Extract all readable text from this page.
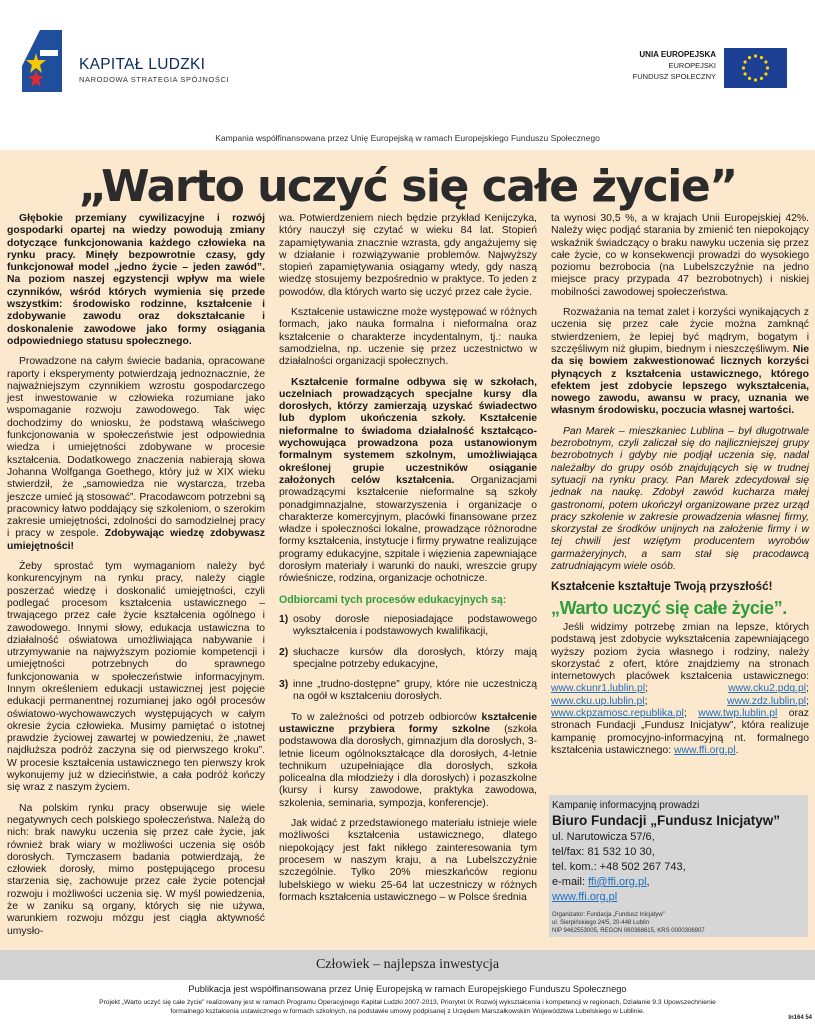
KAPITAŁ LUDZKI
NARODOWA STRATEGIA SPÓJNOŚCI
UNIA EUROPEJSKA
EUROPEJSKI
FUNDUSZ SPOŁECZNY
Kampania współfinansowana przez Unię Europejską w ramach Europejskiego Funduszu Społecznego
„Warto uczyć się całe życie”

Głębokie przemiany cywilizacyjne i rozwój gospodarki opartej na wiedzy powodują zmiany dotyczące funkcjonowania każdego człowieka na rynku pracy. Minęły bezpowrotnie czasy, gdy funkcjonował model „jedno życie – jeden zawód”. Na poziom naszej egzystencji wpływ ma wiele czynników, wśród których wymienia się przede wszystkim: środowisko rodzinne, kształcenie i zdobywanie zawodu oraz dokształcanie i doskonalenie zawodowe jako formy osiągania odpowiedniego statusu społecznego.

Prowadzone na całym świecie badania, opracowane raporty i eksperymenty potwierdzają jednoznacznie, że najważniejszym czynnikiem wzrostu gospodarczego jest inwestowanie w człowieka rozumiane jako wspomaganie rozwoju zawodowego. Tak więc dochodzimy do wniosku, że podstawą właściwego funkcjonowania w społeczeństwie jest odpowiednia wiedza i umiejętności zdobywane w procesie kształcenia. Dodatkowego znaczenia nabierają słowa Johanna Wolfganga Goethego, który już w XIX wieku stwierdził, że „samowiedza nie wystarcza, trzeba jeszcze umieć ją stosować”. Pracodawcom potrzebni są pracownicy łatwo poddający się szkoleniom, o szerokim zakresie umiejętności, zdolności do samodzielnej pracy i pracy w zespole. Zdobywając wiedzę zdobywasz umiejętności!

Żeby sprostać tym wymaganiom należy być konkurencyjnym na rynku pracy, należy ciągle poszerzać wiedzę i doskonalić umiejętności, czyli podlegać procesom kształcenia ustawicznego – trwającego przez całe życie kształcenia ogólnego i zawodowego. Innymi słowy, edukacja ustawiczna to działalność oświatowa umożliwiająca nabywanie i utrzymywanie na najwyższym poziomie kompetencji i umiejętności potrzebnych do sprawnego funkcjonowania w społeczeństwie informacyjnym. Innym określeniem edukacji ustawicznej jest pojęcie edukacji permanentnej rozumianej jako ogół procesów oświatowo-wychowawczych występujących w całym okresie życia człowieka. Musimy pamiętać o istotnej prawdzie życiowej zawartej w powiedzeniu, że „nawet najdłuższa podróż zaczyna się od pierwszego kroku”. W procesie kształcenia ustawicznego ten pierwszy krok wykonujemy już w dzieciństwie, a cała podróż kończy się wraz z naszym życiem.

Na polskim rynku pracy obserwuje się wiele negatywnych cech polskiego społeczeństwa. Należą do nich: brak nawyku uczenia się przez całe życie, jak również brak wiary w możliwości uczenia się osób dorosłych. Tymczasem badania potwierdzają, że człowiek dorosły, mimo postępującego procesu starzenia się, zachowuje przez całe życie potencjał rozwoju i możliwości uczenia się. W myśl powiedzenia, że w zaniku są organy, których się nie używa, warunkiem rozwoju mózgu jest ciągła aktywność umysło-

wa. Potwierdzeniem niech będzie przykład Kenijczyka, który nauczył się czytać w wieku 84 lat. Stopień zapamiętywania znacznie wzrasta, gdy angażujemy się w działanie i rozwiązywanie problemów. Najwyższy stopień zapamiętywania osiągamy wtedy, gdy naszą wiedzę stosujemy bezpośrednio w praktyce. To jeden z powodów, dla których warto się uczyć przez całe życie.

Kształcenie ustawiczne może występować w różnych formach, jako nauka formalna i nieformalna oraz kształcenie o charakterze incydentalnym, tj.: nauka samodzielna, np. uczenie się przez uczestnictwo w działalności organizacji społecznych.

Kształcenie formalne odbywa się w szkołach, uczelniach prowadzących specjalne kursy dla dorosłych, którzy zamierzają uzyskać świadectwo lub dyplom ukończenia szkoły. Kształcenie nieformalne to świadoma działalność kształcąco-wychowująca prowadzona poza ustanowionym formalnym systemem szkolnym, umożliwiająca określonej grupie uczestników osiąganie założonych celów kształcenia. Organizacjami prowadzącymi kształcenie nieformalne są szkoły ponadgimnazjalne, stowarzyszenia i organizacje o charakterze komercyjnym, placówki finansowane przez władze i społeczności lokalne, prowadzące różnorodne formy kształcenia, instytucje i firmy prywatne realizujące programy edukacyjne, szpitale i więzienia zapewniające dorosłym materiały i warunki do nauki, wreszcie grupy rówieśnicze, rodzina, organizacje ochotnicze.

Odbiorcami tych procesów edukacyjnych są:

1) osoby dorosłe nieposiadające podstawowego wykształcenia i podstawowych kwalifikacji,
2) słuchacze kursów dla dorosłych, którzy mają specjalne potrzeby edukacyjne,
3) inne „trudno-dostępne” grupy, które nie uczestniczą na ogół w kształceniu dorosłych.

To w zależności od potrzeb odbiorców kształcenie ustawiczne przybiera formy szkolne (szkoła podstawowa dla dorosłych, gimnazjum dla dorosłych, 3-letnie liceum ogólnokształcące dla dorosłych, 4-letnie technikum uzupełniające dla dorosłych, szkoła policealna dla młodzieży i dla dorosłych) i pozaszkolne (kursy i kursy zawodowe, praktyka zawodowa, szkolenia, seminaria, sympozja, konferencje).

Jak widać z przedstawionego materiału istnieje wiele możliwości kształcenia ustawicznego, dlatego niepokojący jest fakt nikłego zainteresowania tym procesem w naszym kraju, a na Lubelszczyźnie szczególnie. Tylko 20% mieszkańców regionu lubelskiego w wieku 25-64 lat uczestniczy w różnych formach kształcenia ustawicznego – w Polsce średnia

ta wynosi 30,5 %, a w krajach Unii Europejskiej 42%. Należy więc podjąć starania by zmienić ten niepokojący wskaźnik świadczący o braku nawyku uczenia się przez całe życie, co w konsekwencji prowadzi do wysokiego poziomu bezrobocia (na Lubelszczyźnie na jedno miejsce pracy przypada 47 bezrobotnych) i niskiej mobilności zawodowej społeczeństwa.

Rozważania na temat zalet i korzyści wynikających z uczenia się przez całe życie można zamknąć stwierdzeniem, że lepiej być mądrym, bogatym i szczęśliwym niż głupim, biednym i nieszczęśliwym. Nie da się bowiem zakwestionować licznych korzyści płynących z kształcenia ustawicznego, którego efektem jest zdobycie lepszego wykształcenia, nowego zawodu, awansu w pracy, uznania we własnym środowisku, poczucia własnej wartości.

Pan Marek – mieszkaniec Lublina – był długotrwale bezrobotnym, czyli zaliczał się do najliczniejszej grupy bezrobotnych i gdyby nie podjął uczenia się, nadal należałby do grupy osób znajdujących się w trudnej sytuacji na rynku pracy. Pan Marek zdecydował się jednak na naukę. Zdobył zawód kucharza małej gastronomi, potem ukończył organizowane przez urząd pracy szkolenie w zakresie prowadzenia własnej firmy, skorzystał ze środków unijnych na założenie firmy i w tej chwili jest wziętym producentem wyrobów garmażeryjnych, a sam stał się pracodawcą zatrudniającym wiele osób.

Kształcenie kształtuje Twoją przyszłość!

„Warto uczyć się całe życie”.

Jeśli widzimy potrzebę zmian na lepsze, których podstawą jest zdobycie wykształcenia zapewniającego wyższy poziom życia własnego i rodziny, należy skorzystać z ofert, które znajdziemy na stronach internetowych placówek kształcenia ustawicznego: www.ckunr1.lublin.pl; www.cku2.pdg.pl; www.cku.up.lublin.pl; www.zdz.lublin.pl; www.ckpzamosc.republika.pl; www.twp.lublin.pl oraz stronach Fundacji „Fundusz Inicjatyw”, która realizuje kampanię promocyjno-informacyjną nt. formalnego kształcenia ustawicznego: www.ffi.org.pl.

Kampanię informacyjną prowadzi
Biuro Fundacji „Fundusz Inicjatyw”
ul. Narutowicza 57/6,
tel/fax: 81 532 10 30,
tel. kom.: +48 502 267 743,
e-mail: ffi@ffi.org.pl,
www.ffi.org.pl
Organizator: Fundacja „Fundusz Inicjatyw”
ul. Sierpińskiego 24/5, 20-448 Lublin
NIP 9462553005, REGON 060368615, KRS 0000306907
Człowiek – najlepsza inwestycja
Publikacja jest współfinansowana przez Unię Europejską w ramach Europejskiego Funduszu Społecznego
Projekt „Warto uczyć się całe życie” realizowany jest w ramach Programu Operacyjnego Kapitał Ludzki 2007-2013, Priorytet IX Rozwój wykształcenia i kompetencji w regionach, Działanie 9.3 Upowszechnienie formalnego kształcenia ustawicznego w formach szkolnych, na podstawie umowy podpisanej z Urzędem Marszałkowskim Województwa Lubelskiego w Lublinie.
In164 54
